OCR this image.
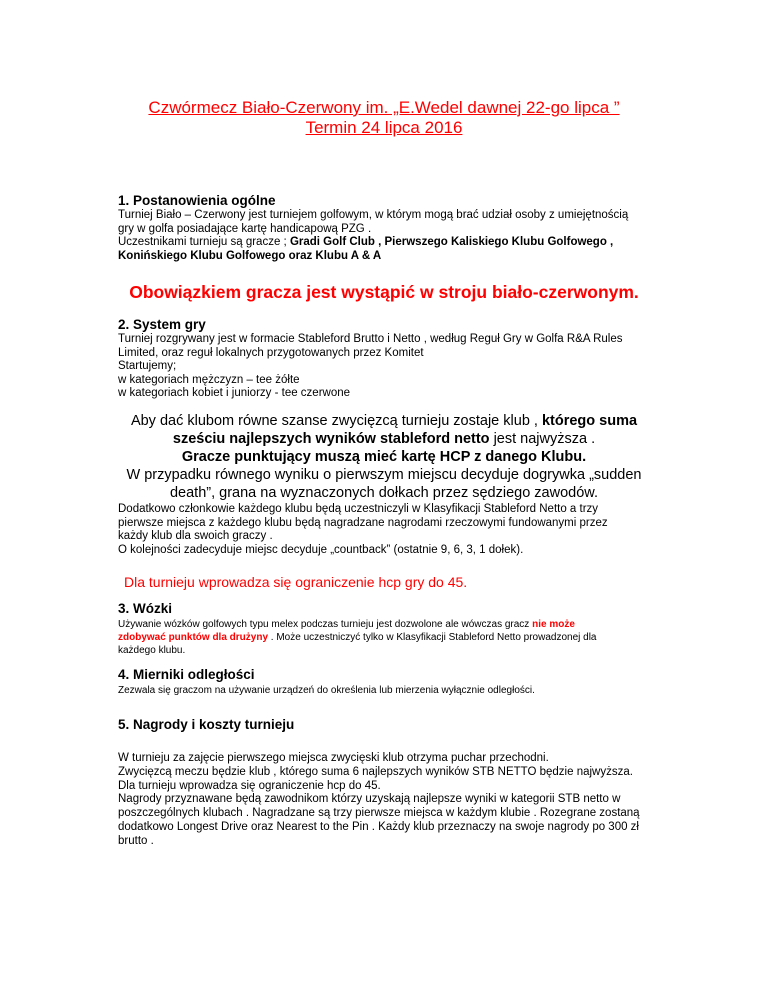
Czwórmecz Biało-Czerwony im. „E.Wedel dawnej 22-go lipca ”
Termin 24 lipca 2016
1. Postanowienia ogólne
Turniej Biało – Czerwony jest turniejem golfowym, w którym mogą brać udział osoby z umiejętnością
gry w golfa posiadające kartę handicapową PZG .
Uczestnikami turnieju są gracze ; Gradi Golf Club , Pierwszego Kaliskiego Klubu Golfowego ,
Konińskiego Klubu Golfowego oraz Klubu A & A
Obowiązkiem gracza jest wystąpić w stroju biało-czerwonym.
2. System gry
Turniej rozgrywany jest w formacie Stableford Brutto i Netto , według Reguł Gry w Golfa R&A Rules
Limited, oraz reguł lokalnych przygotowanych przez Komitet
Startujemy;
w kategoriach mężczyzn – tee żółte
w kategoriach kobiet i juniorzy - tee czerwone
Aby dać klubom równe szanse zwycięzcą turnieju zostaje klub , którego suma
sześciu najlepszych wyników stableford netto jest najwyższa .
Gracze punktujący muszą mieć kartę HCP z danego Klubu.
W przypadku równego wyniku o pierwszym miejscu decyduje dogrywka „sudden
death”, grana na wyznaczonych dołkach przez sędziego zawodów.
Dodatkowo członkowie każdego klubu będą uczestniczyli w Klasyfikacji Stableford Netto a trzy
pierwsze miejsca z każdego klubu będą nagradzane nagrodami rzeczowymi fundowanymi przez
każdy klub dla swoich graczy .
O kolejności zadecyduje miejsc decyduje „countback” (ostatnie 9, 6, 3, 1 dołek).
Dla turnieju wprowadza się ograniczenie hcp gry do 45.
3. Wózki
Używanie wózków golfowych typu melex podczas turnieju jest dozwolone ale wówczas gracz nie może
zdobywać punktów dla drużyny . Może uczestniczyć tylko w Klasyfikacji Stableford Netto prowadzonej dla
każdego klubu.
4. Mierniki odległości
Zezwala się graczom na używanie urządzeń do określenia lub mierzenia wyłącznie odległości.
5. Nagrody i koszty turnieju
W turnieju za zajęcie pierwszego miejsca zwycięski klub otrzyma puchar przechodni.
Zwycięzcą meczu będzie klub , którego suma 6 najlepszych wyników STB NETTO będzie najwyższa.
Dla turnieju wprowadza się ograniczenie hcp do 45.
Nagrody przyznawane będą zawodnikom którzy uzyskają najlepsze wyniki w kategorii STB netto w
poszczególnych klubach . Nagradzane są trzy pierwsze miejsca w każdym klubie . Rozegrane zostaną
dodatkowo Longest Drive oraz Nearest to the Pin . Każdy klub przeznaczy na swoje nagrody po 300 zł
brutto .
